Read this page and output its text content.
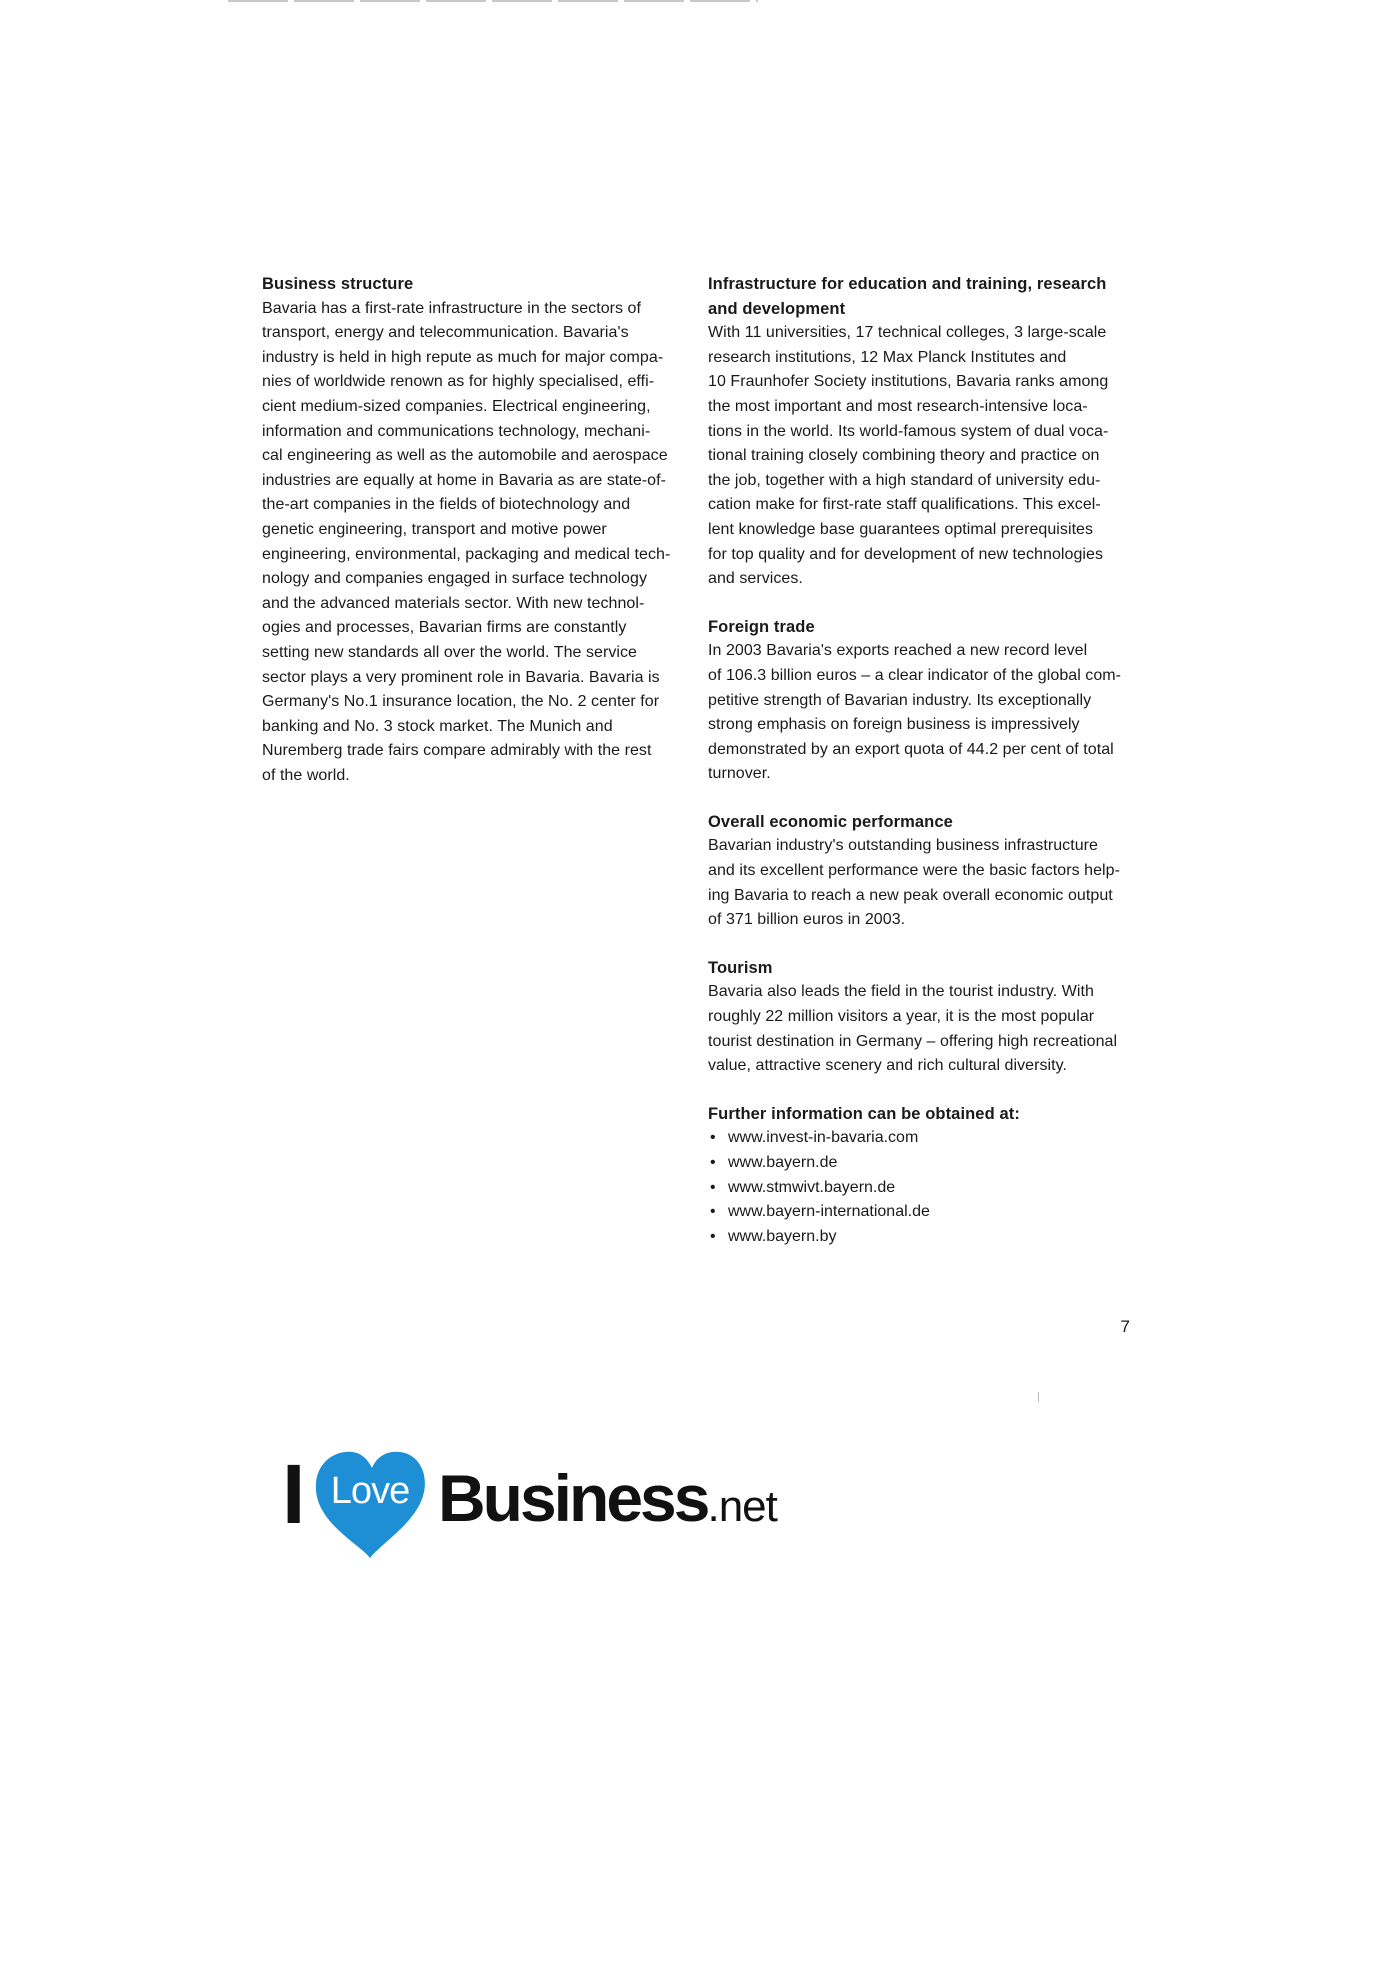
Business structure

Bavaria has a first-rate infrastructure in the sectors of
transport, energy and telecommunication. Bavaria's
industry is held in high repute as much for major compa-
nies of worldwide renown as for highly specialised, effi-
cient medium-sized companies. Electrical engineering,
information and communications technology, mechani-
cal engineering as well as the automobile and aerospace
industries are equally at home in Bavaria as are state-of-
the-art companies in the fields of biotechnology and
genetic engineering, transport and motive power
engineering, environmental, packaging and medical tech-
nology and companies engaged in surface technology
and the advanced materials sector. With new technol-
ogies and processes, Bavarian firms are constantly
setting new standards all over the world. The service
sector plays a very prominent role in Bavaria. Bavaria is
Germany's No.1 insurance location, the No. 2 center for
banking and No. 3 stock market. The Munich and
Nuremberg trade fairs compare admirably with the rest
of the world.

Infrastructure for education and training, research
and development

With 11 universities, 17 technical colleges, 3 large-scale
research institutions, 12 Max Planck Institutes and
10 Fraunhofer Society institutions, Bavaria ranks among
the most important and most research-intensive loca-
tions in the world. Its world-famous system of dual voca-
tional training closely combining theory and practice on
the job, together with a high standard of university edu-
cation make for first-rate staff qualifications. This excel-
lent knowledge base guarantees optimal prerequisites
for top quality and for development of new technologies
and services.

Foreign trade

In 2003 Bavaria's exports reached a new record level
of 106.3 billion euros – a clear indicator of the global com-
petitive strength of Bavarian industry. Its exceptionally
strong emphasis on foreign business is impressively
demonstrated by an export quota of 44.2 per cent of total
turnover.

Overall economic performance

Bavarian industry's outstanding business infrastructure
and its excellent performance were the basic factors help-
ing Bavaria to reach a new peak overall economic output
of 371 billion euros in 2003.

Tourism

Bavaria also leads the field in the tourist industry. With
roughly 22 million visitors a year, it is the most popular
tourist destination in Germany – offering high recreational
value, attractive scenery and rich cultural diversity.

Further information can be obtained at:
• www.invest-in-bavaria.com
• www.bayern.de
• www.stmwivt.bayern.de
• www.bayern-international.de
• www.bayern.by
7
I Love Business.net
